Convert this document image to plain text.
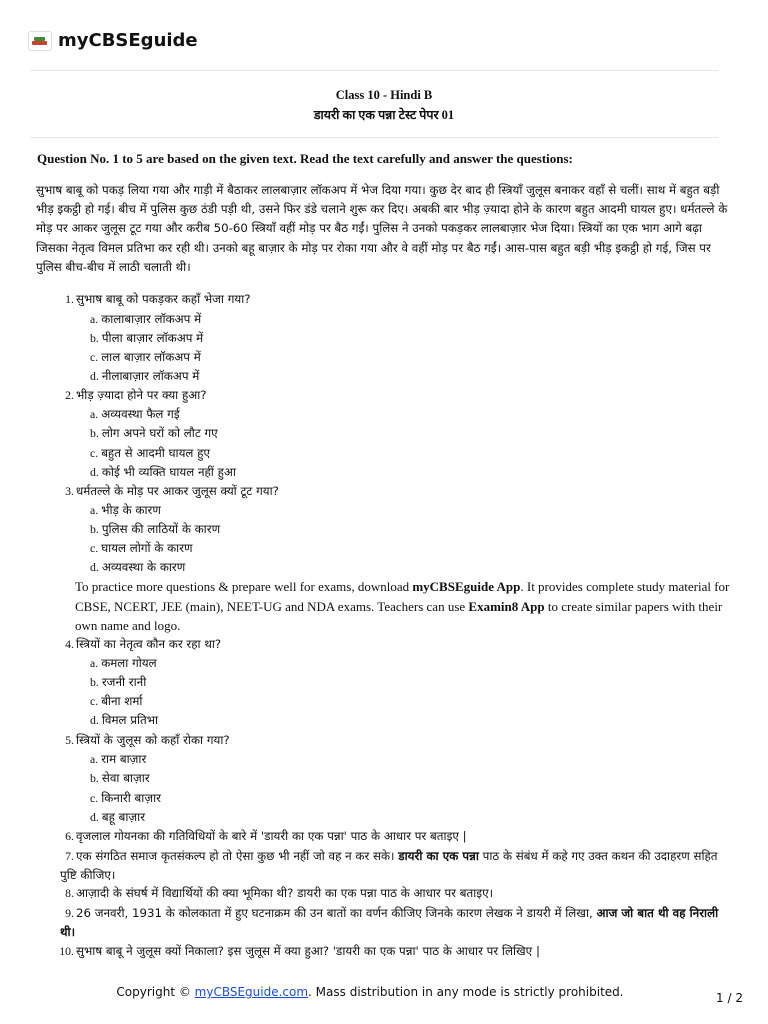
myCBSEguide
Class 10 - Hindi B
डायरी का एक पन्ना टेस्ट पेपर 01
Question No. 1 to 5 are based on the given text. Read the text carefully and answer the questions:
सुभाष बाबू को पकड़ लिया गया और गाड़ी में बैठाकर लालबाज़ार लॉकअप में भेज दिया गया। कुछ देर बाद ही स्त्रियाँ जुलूस बनाकर वहाँ से चलीं। साथ में बहुत बड़ी भीड़ इकट्ठी हो गई। बीच में पुलिस कुछ ठंडी पड़ी थी, उसने फिर डंडे चलाने शुरू कर दिए। अबकी बार भीड़ ज़्यादा होने के कारण बहुत आदमी घायल हुए। धर्मतल्ले के मोड़ पर आकर जुलूस टूट गया और करीब 50-60 स्त्रियाँ वहीं मोड़ पर बैठ गईं। पुलिस ने उनको पकड़कर लालबाज़ार भेज दिया। स्त्रियों का एक भाग आगे बढ़ा जिसका नेतृत्व विमल प्रतिभा कर रही थी। उनको बहू बाज़ार के मोड़ पर रोका गया और वे वहीं मोड़ पर बैठ गईं। आस-पास बहुत बड़ी भीड़ इकट्ठी हो गई, जिस पर पुलिस बीच-बीच में लाठी चलाती थी।
1. सुभाष बाबू को पकड़कर कहाँ भेजा गया?
a. कालाबाज़ार लॉकअप में
b. पीला बाज़ार लॉकअप में
c. लाल बाज़ार लॉकअप में
d. नीलाबाज़ार लॉकअप में
2. भीड़ ज़्यादा होने पर क्या हुआ?
a. अव्यवस्था फैल गई
b. लोग अपने घरों को लौट गए
c. बहुत से आदमी घायल हुए
d. कोई भी व्यक्ति घायल नहीं हुआ
3. धर्मतल्ले के मोड़ पर आकर जुलूस क्यों टूट गया?
a. भीड़ के कारण
b. पुलिस की लाठियों के कारण
c. घायल लोगों के कारण
d. अव्यवस्था के कारण
To practice more questions & prepare well for exams, download myCBSEguide App. It provides complete study material for CBSE, NCERT, JEE (main), NEET-UG and NDA exams. Teachers can use Examin8 App to create similar papers with their own name and logo.
4. स्त्रियों का नेतृत्व कौन कर रहा था?
a. कमला गोयल
b. रजनी रानी
c. बीना शर्मा
d. विमल प्रतिभा
5. स्त्रियों के जुलूस को कहाँ रोका गया?
a. राम बाज़ार
b. सेवा बाज़ार
c. किनारी बाज़ार
d. बहू बाज़ार
6. वृजलाल गोयनका की गतिविधियों के बारे में 'डायरी का एक पन्ना' पाठ के आधार पर बताइए |
7. एक संगठित समाज कृतसंकल्प हो तो ऐसा कुछ भी नहीं जो वह न कर सके। डायरी का एक पन्ना पाठ के संबंध में कहे गए उक्त कथन की उदाहरण सहित पुष्टि कीजिए।
8. आज़ादी के संघर्ष में विद्यार्थियों की क्या भूमिका थी? डायरी का एक पन्ना पाठ के आधार पर बताइए।
9. 26 जनवरी, 1931 के कोलकाता में हुए घटनाक्रम की उन बातों का वर्णन कीजिए जिनके कारण लेखक ने डायरी में लिखा, आज जो बात थी वह निराली थी।
10. सुभाष बाबू ने जुलूस क्यों निकाला? इस जुलूस में क्या हुआ? 'डायरी का एक पन्ना' पाठ के आधार पर लिखिए |
Copyright © myCBSEguide.com. Mass distribution in any mode is strictly prohibited.	1 / 2
